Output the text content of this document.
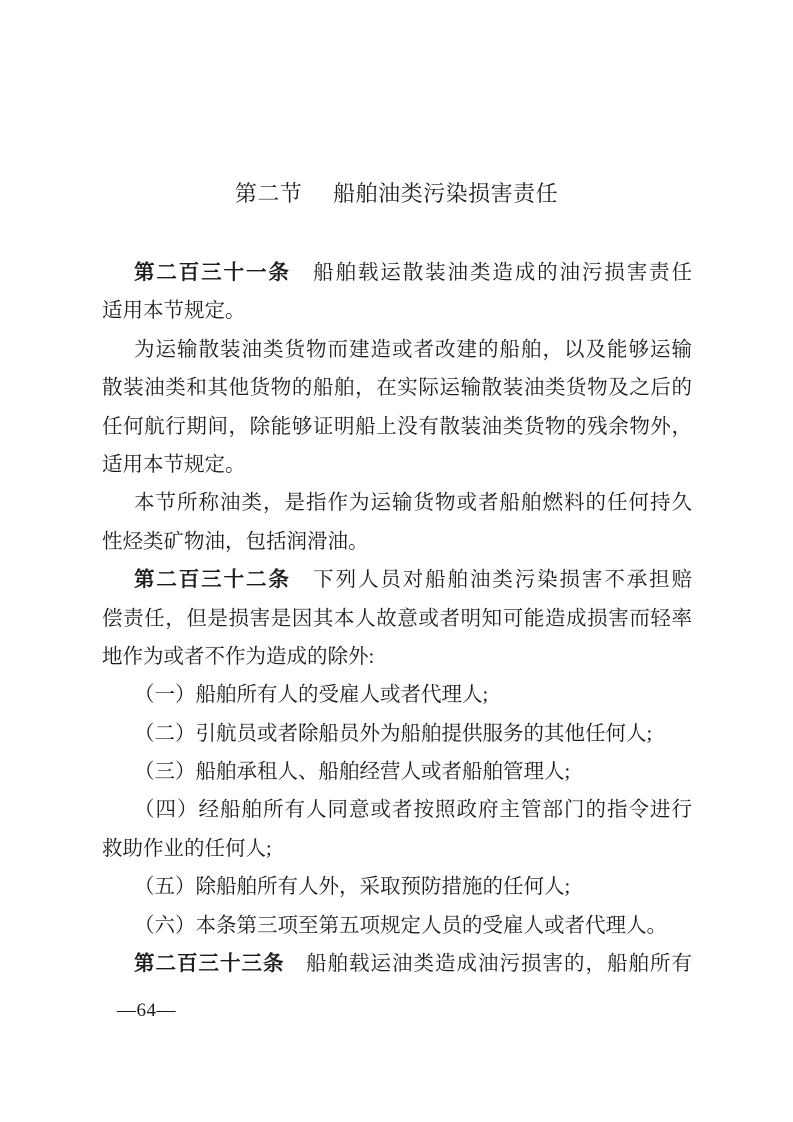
第二节 船舶油类污染损害责任
第二百三十一条　船舶载运散装油类造成的油污损害责任
适用本节规定。
为运输散装油类货物而建造或者改建的船舶，以及能够运输
散装油类和其他货物的船舶，在实际运输散装油类货物及之后的
任何航行期间，除能够证明船上没有散装油类货物的残余物外，
适用本节规定。
本节所称油类，是指作为运输货物或者船舶燃料的任何持久
性烃类矿物油，包括润滑油。
第二百三十二条　下列人员对船舶油类污染损害不承担赔
偿责任，但是损害是因其本人故意或者明知可能造成损害而轻率
地作为或者不作为造成的除外:
（一）船舶所有人的受雇人或者代理人;
（二）引航员或者除船员外为船舶提供服务的其他任何人;
（三）船舶承租人、船舶经营人或者船舶管理人;
（四）经船舶所有人同意或者按照政府主管部门的指令进行
救助作业的任何人;
（五）除船舶所有人外，采取预防措施的任何人;
（六）本条第三项至第五项规定人员的受雇人或者代理人。
第二百三十三条　船舶载运油类造成油污损害的，船舶所有
—64—
